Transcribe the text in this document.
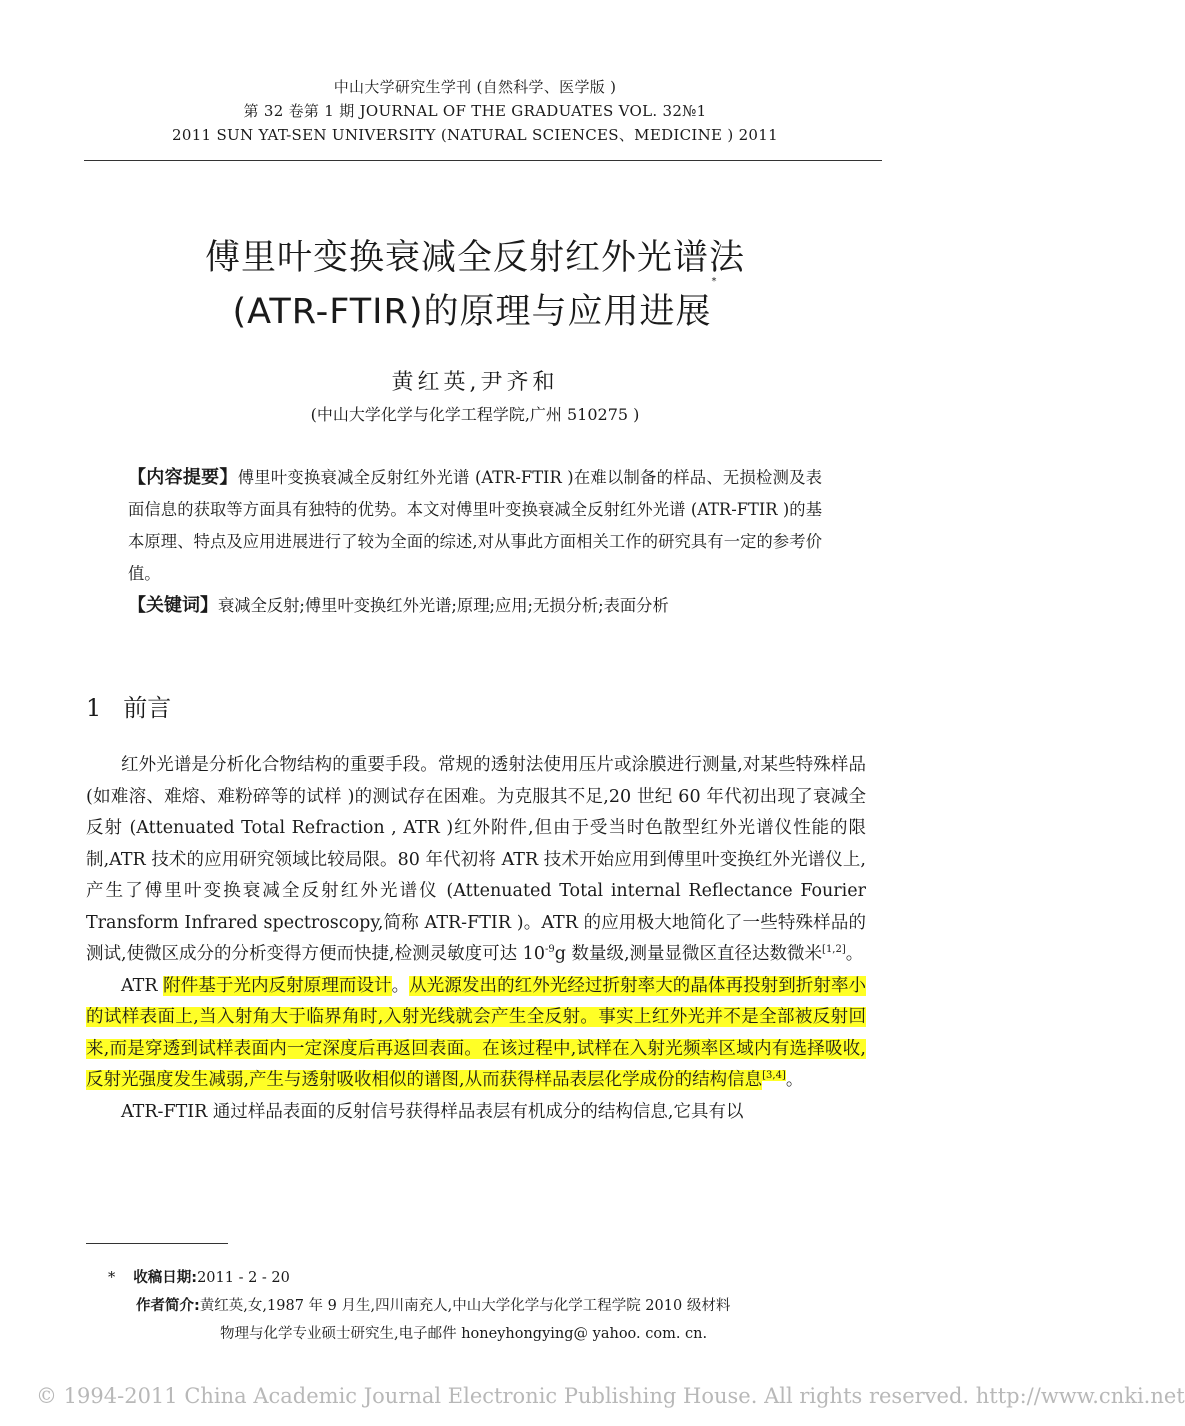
中山大学研究生学刊 (自然科学、医学版 )
第 32 卷第 1 期 JOURNAL OF THE GRADUATES VOL. 32№1
2011 SUN YAT-SEN UNIVERSITY (NATURAL SCIENCES、MEDICINE ) 2011
傅里叶变换衰减全反射红外光谱法
(ATR-FTIR)的原理与应用进展*
黄红英,尹齐和
(中山大学化学与化学工程学院,广州 510275 )
【内容提要】傅里叶变换衰减全反射红外光谱 (ATR-FTIR )在难以制备的样品、无损检测及表面信息的获取等方面具有独特的优势。本文对傅里叶变换衰减全反射红外光谱 (ATR-FTIR )的基本原理、特点及应用进展进行了较为全面的综述,对从事此方面相关工作的研究具有一定的参考价值。
【关键词】衰减全反射;傅里叶变换红外光谱;原理;应用;无损分析;表面分析
1 前言

红外光谱是分析化合物结构的重要手段。常规的透射法使用压片或涂膜进行测量,对某些特殊样品 (如难溶、难熔、难粉碎等的试样 )的测试存在困难。为克服其不足,20 世纪 60 年代初出现了衰减全反射 (Attenuated Total Refraction , ATR )红外附件,但由于受当时色散型红外光谱仪性能的限制,ATR 技术的应用研究领域比较局限。80 年代初将 ATR 技术开始应用到傅里叶变换红外光谱仪上,产生了傅里叶变换衰减全反射红外光谱仪 (Attenuated Total internal Reflectance Fourier Transform Infrared spectroscopy,简称 ATR-FTIR )。ATR 的应用极大地简化了一些特殊样品的测试,使微区成分的分析变得方便而快捷,检测灵敏度可达 $10^{-9}g$ 数量级,测量显微区直径达数微米[1,2]。

ATR 附件基于光内反射原理而设计。从光源发出的红外光经过折射率大的晶体再投射到折射率小的试样表面上,当入射角大于临界角时,入射光线就会产生全反射。事实上红外光并不是全部被反射回来,而是穿透到试样表面内一定深度后再返回表面。在该过程中,试样在入射光频率区域内有选择吸收,反射光强度发生减弱,产生与透射吸收相似的谱图,从而获得样品表层化学成份的结构信息[3,4]。

ATR-FTIR 通过样品表面的反射信号获得样品表层有机成分的结构信息,它具有以

* 收稿日期:2011 - 2 - 20
作者简介:黄红英,女,1987 年 9 月生,四川南充人,中山大学化学与化学工程学院 2010 级材料
物理与化学专业硕士研究生,电子邮件 honeyhongying@ yahoo. com. cn.
© 1994-2011 China Academic Journal Electronic Publishing House. All rights reserved. http://www.cnki.net
